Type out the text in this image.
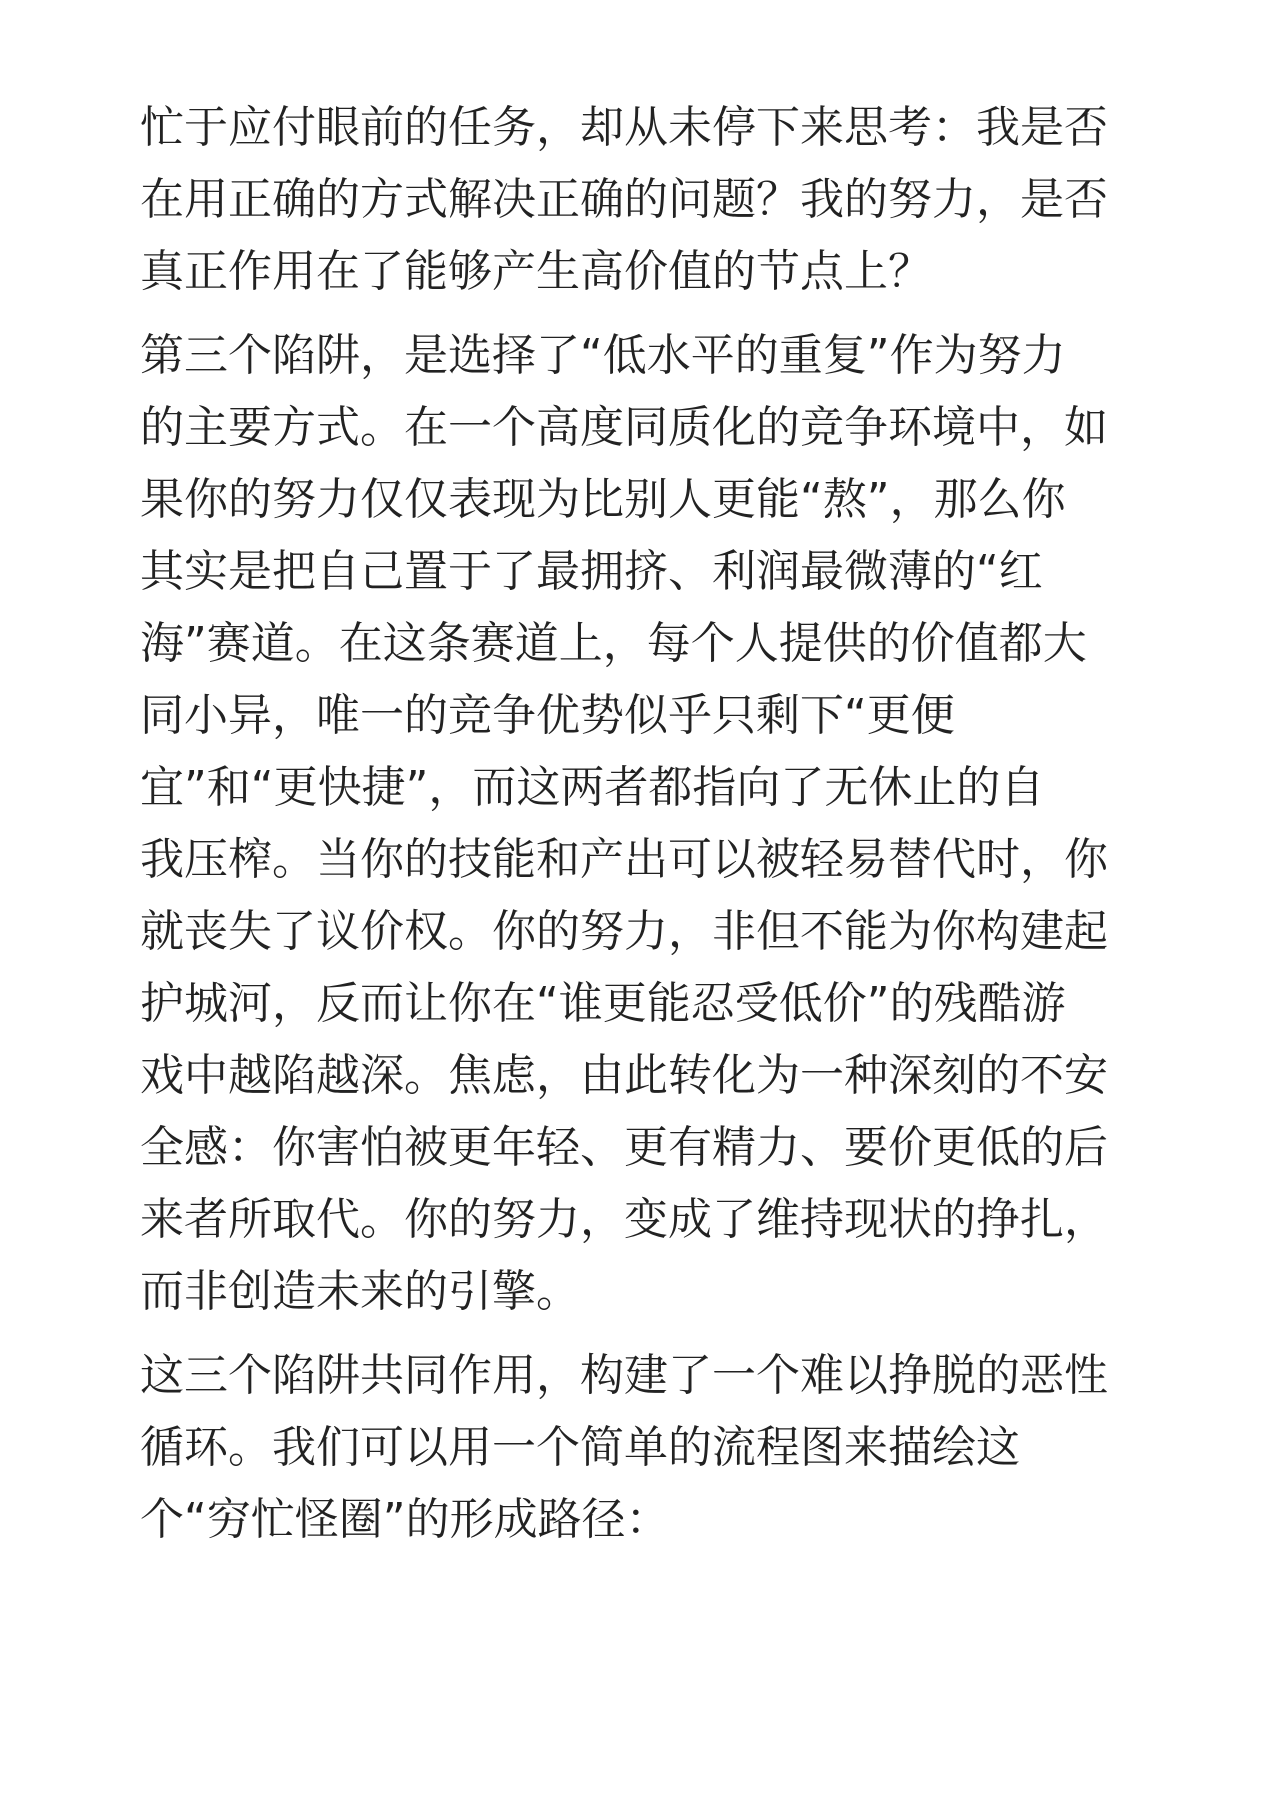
忙于应付眼前的任务，却从未停下来思考：我是否
在用正确的方式解决正确的问题？我的努力，是否
真正作用在了能够产生高价值的节点上？
第三个陷阱，是选择了“低水平的重复”作为努力
的主要方式。在一个高度同质化的竞争环境中，如
果你的努力仅仅表现为比别人更能“熬”，那么你
其实是把自己置于了最拥挤、利润最微薄的“红
海”赛道。在这条赛道上，每个人提供的价值都大
同小异，唯一的竞争优势似乎只剩下“更便
宜”和“更快捷”，而这两者都指向了无休止的自
我压榨。当你的技能和产出可以被轻易替代时，你
就丧失了议价权。你的努力，非但不能为你构建起
护城河，反而让你在“谁更能忍受低价”的残酷游
戏中越陷越深。焦虑，由此转化为一种深刻的不安
全感：你害怕被更年轻、更有精力、要价更低的后
来者所取代。你的努力，变成了维持现状的挣扎，
而非创造未来的引擎。
这三个陷阱共同作用，构建了一个难以挣脱的恶性
循环。我们可以用一个简单的流程图来描绘这
个“穷忙怪圈”的形成路径：
